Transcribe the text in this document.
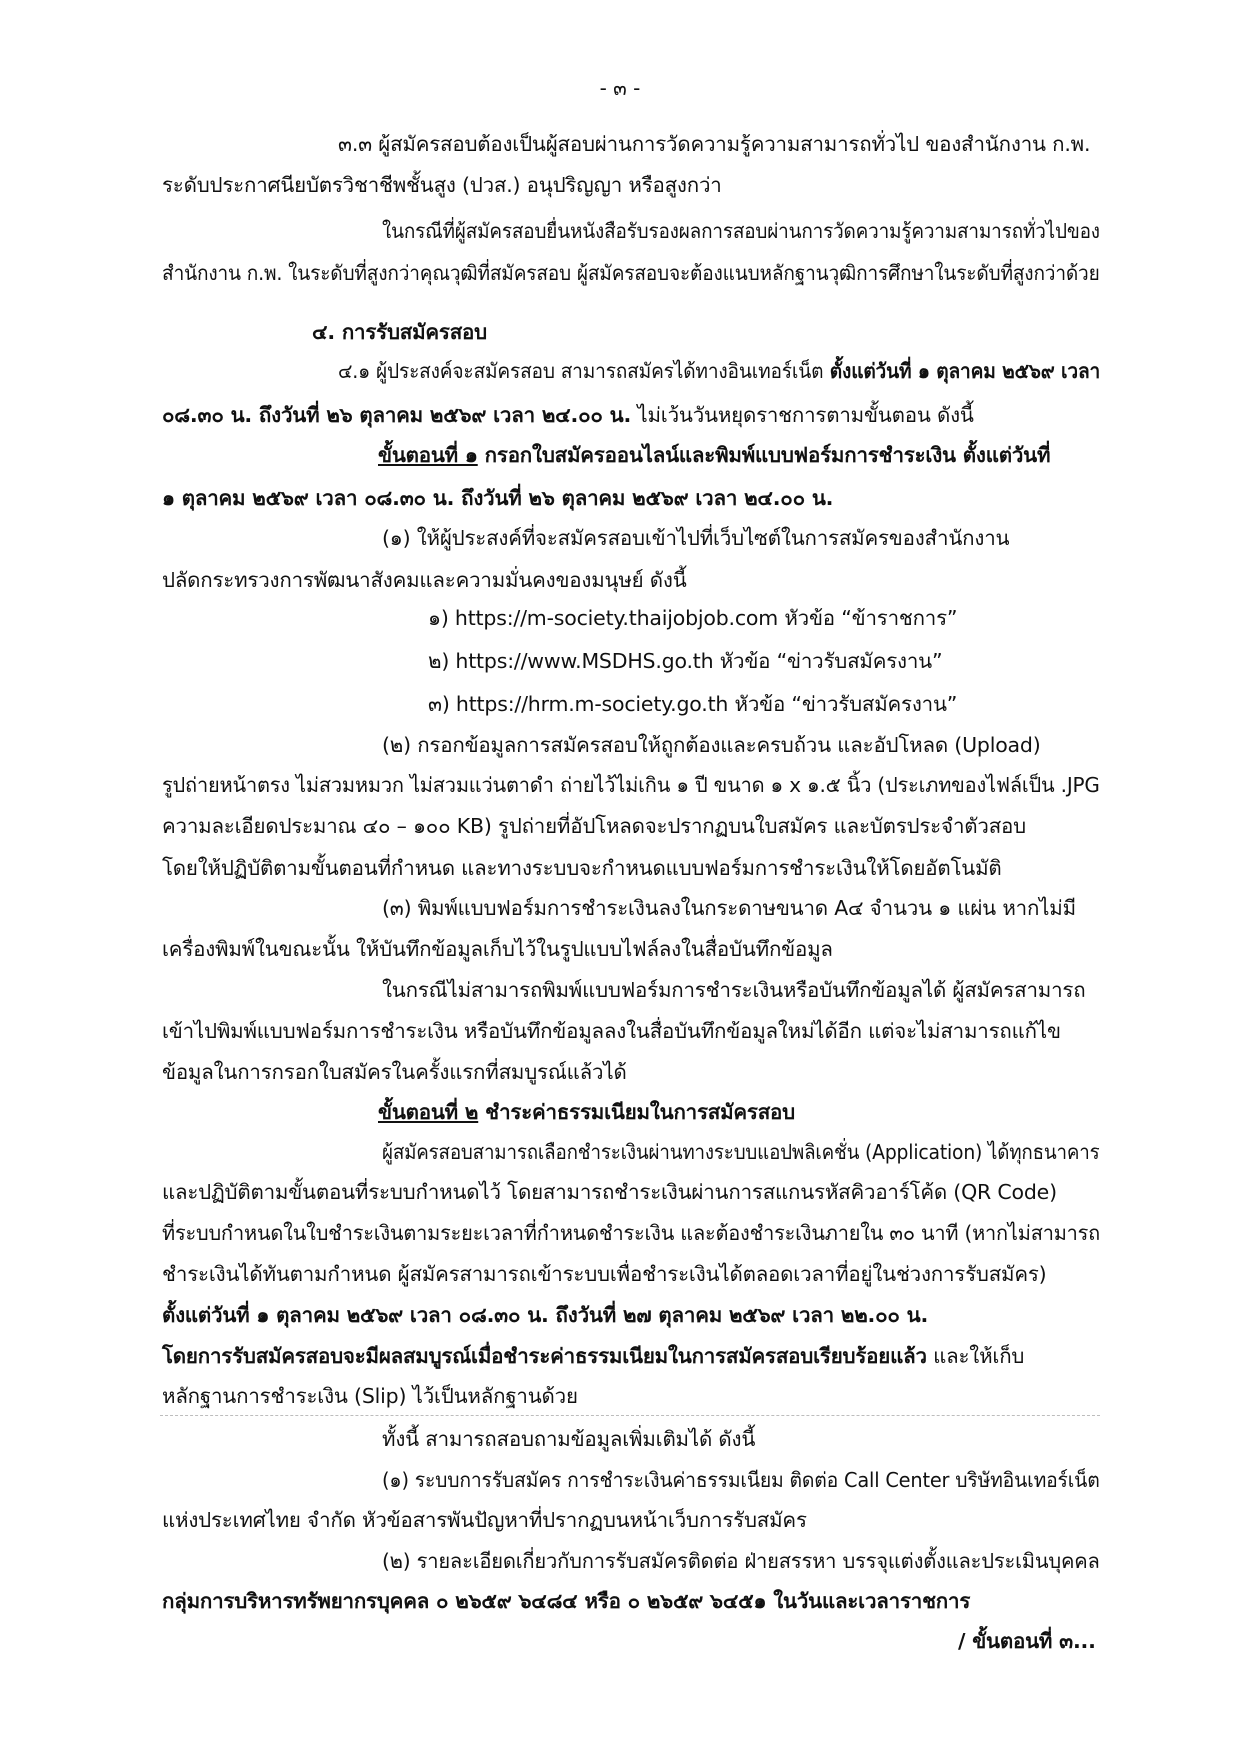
- ๓ -
๓.๓ ผู้สมัครสอบต้องเป็นผู้สอบผ่านการวัดความรู้ความสามารถทั่วไป ของสำนักงาน ก.พ.
ระดับประกาศนียบัตรวิชาชีพชั้นสูง (ปวส.) อนุปริญญา หรือสูงกว่า
ในกรณีที่ผู้สมัครสอบยื่นหนังสือรับรองผลการสอบผ่านการวัดความรู้ความสามารถทั่วไปของ
สำนักงาน ก.พ. ในระดับที่สูงกว่าคุณวุฒิที่สมัครสอบ ผู้สมัครสอบจะต้องแนบหลักฐานวุฒิการศึกษาในระดับที่สูงกว่าด้วย
๔. การรับสมัครสอบ
๔.๑ ผู้ประสงค์จะสมัครสอบ สามารถสมัครได้ทางอินเทอร์เน็ต ตั้งแต่วันที่ ๑ ตุลาคม ๒๕๖๙ เวลา
๐๘.๓๐ น. ถึงวันที่ ๒๖ ตุลาคม ๒๕๖๙ เวลา ๒๔.๐๐ น. ไม่เว้นวันหยุดราชการตามขั้นตอน ดังนี้
ขั้นตอนที่ ๑ กรอกใบสมัครออนไลน์และพิมพ์แบบฟอร์มการชำระเงิน ตั้งแต่วันที่
๑ ตุลาคม ๒๕๖๙ เวลา ๐๘.๓๐ น. ถึงวันที่ ๒๖ ตุลาคม ๒๕๖๙ เวลา ๒๔.๐๐ น.
(๑) ให้ผู้ประสงค์ที่จะสมัครสอบเข้าไปที่เว็บไซต์ในการสมัครของสำนักงาน
ปลัดกระทรวงการพัฒนาสังคมและความมั่นคงของมนุษย์ ดังนี้
๑) https://m-society.thaijobjob.com หัวข้อ “ข้าราชการ”
๒) https://www.MSDHS.go.th หัวข้อ “ข่าวรับสมัครงาน”
๓) https://hrm.m-society.go.th หัวข้อ “ข่าวรับสมัครงาน”
(๒) กรอกข้อมูลการสมัครสอบให้ถูกต้องและครบถ้วน และอัปโหลด (Upload)
รูปถ่ายหน้าตรง ไม่สวมหมวก ไม่สวมแว่นตาดำ ถ่ายไว้ไม่เกิน ๑ ปี ขนาด ๑ x ๑.๕ นิ้ว (ประเภทของไฟล์เป็น .JPG
ความละเอียดประมาณ ๔๐ – ๑๐๐ KB) รูปถ่ายที่อัปโหลดจะปรากฏบนใบสมัคร และบัตรประจำตัวสอบ
โดยให้ปฏิบัติตามขั้นตอนที่กำหนด และทางระบบจะกำหนดแบบฟอร์มการชำระเงินให้โดยอัตโนมัติ
(๓) พิมพ์แบบฟอร์มการชำระเงินลงในกระดาษขนาด A๔ จำนวน ๑ แผ่น หากไม่มี
เครื่องพิมพ์ในขณะนั้น ให้บันทึกข้อมูลเก็บไว้ในรูปแบบไฟล์ลงในสื่อบันทึกข้อมูล
ในกรณีไม่สามารถพิมพ์แบบฟอร์มการชำระเงินหรือบันทึกข้อมูลได้ ผู้สมัครสามารถ
เข้าไปพิมพ์แบบฟอร์มการชำระเงิน หรือบันทึกข้อมูลลงในสื่อบันทึกข้อมูลใหม่ได้อีก แต่จะไม่สามารถแก้ไข
ข้อมูลในการกรอกใบสมัครในครั้งแรกที่สมบูรณ์แล้วได้
ขั้นตอนที่ ๒ ชำระค่าธรรมเนียมในการสมัครสอบ
ผู้สมัครสอบสามารถเลือกชำระเงินผ่านทางระบบแอปพลิเคชั่น (Application) ได้ทุกธนาคาร
และปฏิบัติตามขั้นตอนที่ระบบกำหนดไว้ โดยสามารถชำระเงินผ่านการสแกนรหัสคิวอาร์โค้ด (QR Code)
ที่ระบบกำหนดในใบชำระเงินตามระยะเวลาที่กำหนดชำระเงิน และต้องชำระเงินภายใน ๓๐ นาที (หากไม่สามารถ
ชำระเงินได้ทันตามกำหนด ผู้สมัครสามารถเข้าระบบเพื่อชำระเงินได้ตลอดเวลาที่อยู่ในช่วงการรับสมัคร)
ตั้งแต่วันที่ ๑ ตุลาคม ๒๕๖๙ เวลา ๐๘.๓๐ น. ถึงวันที่ ๒๗ ตุลาคม ๒๕๖๙ เวลา ๒๒.๐๐ น.
โดยการรับสมัครสอบจะมีผลสมบูรณ์เมื่อชำระค่าธรรมเนียมในการสมัครสอบเรียบร้อยแล้ว และให้เก็บ
หลักฐานการชำระเงิน (Slip) ไว้เป็นหลักฐานด้วย
ทั้งนี้ สามารถสอบถามข้อมูลเพิ่มเติมได้ ดังนี้
(๑) ระบบการรับสมัคร การชำระเงินค่าธรรมเนียม ติดต่อ Call Center บริษัทอินเทอร์เน็ต
แห่งประเทศไทย จำกัด หัวข้อสารพันปัญหาที่ปรากฏบนหน้าเว็บการรับสมัคร
(๒) รายละเอียดเกี่ยวกับการรับสมัครติดต่อ ฝ่ายสรรหา บรรจุแต่งตั้งและประเมินบุคคล
กลุ่มการบริหารทรัพยากรบุคคล ๐ ๒๖๕๙ ๖๔๘๔ หรือ ๐ ๒๖๕๙ ๖๔๕๑ ในวันและเวลาราชการ
/ ขั้นตอนที่ ๓...
